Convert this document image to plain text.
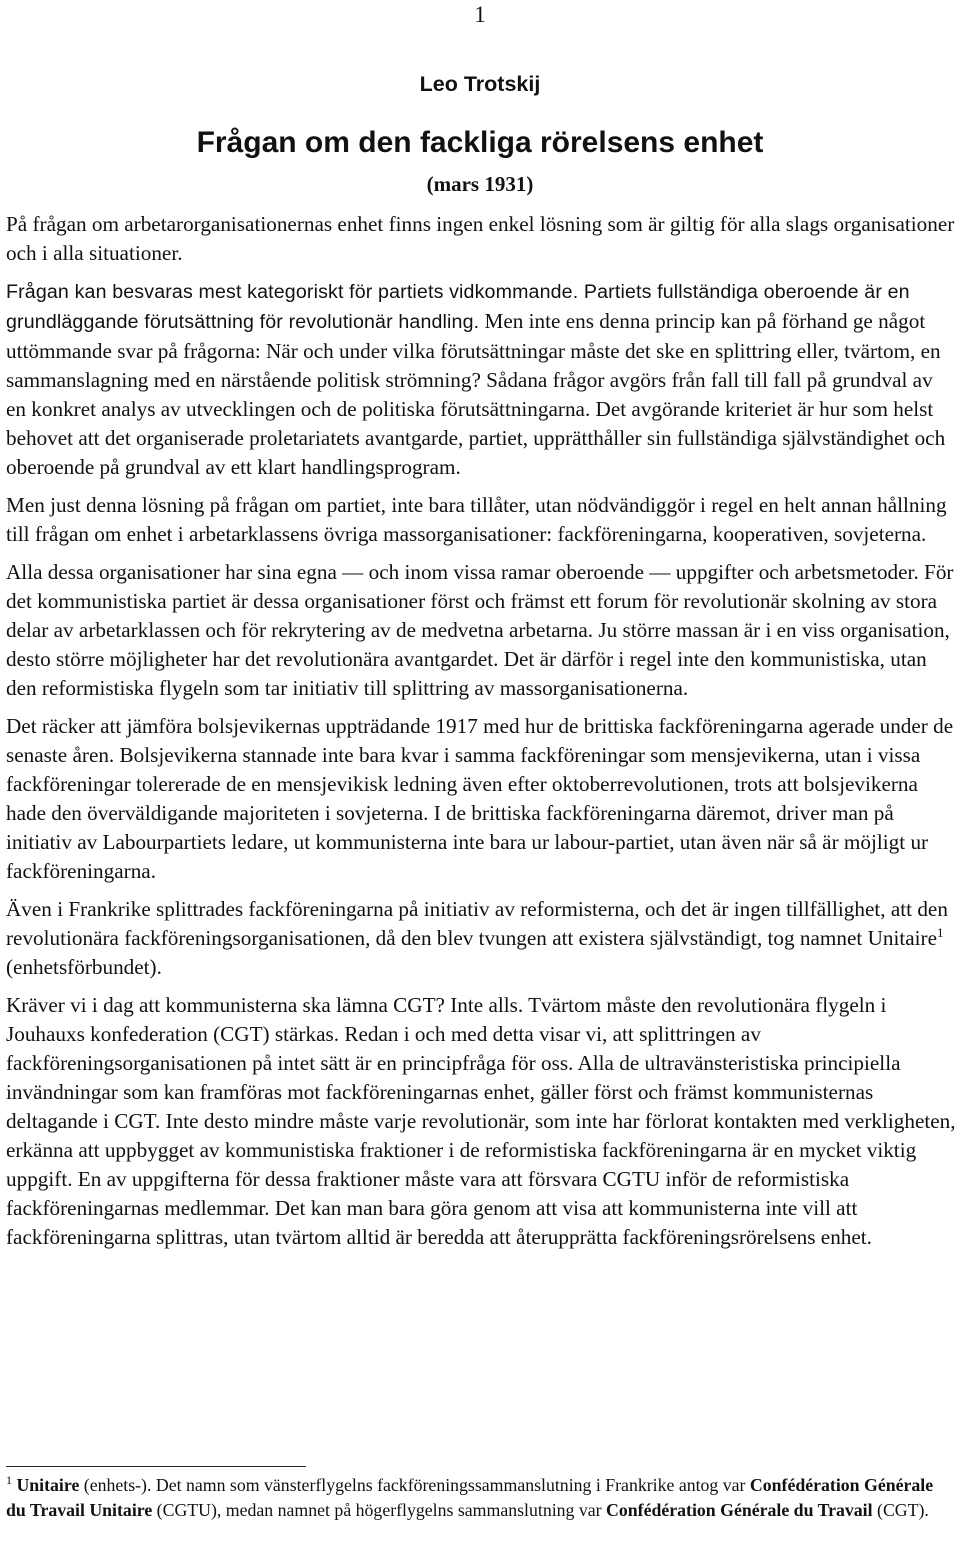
1
Leo Trotskij
Frågan om den fackliga rörelsens enhet
(mars 1931)

På frågan om arbetarorganisationernas enhet finns ingen enkel lösning som är giltig för alla slags organisationer och i alla situationer.

Frågan kan besvaras mest kategoriskt för partiets vidkommande. Partiets fullständiga oberoende är en grundläggande förutsättning för revolutionär handling. Men inte ens denna princip kan på förhand ge något uttömmande svar på frågorna: När och under vilka förutsättningar måste det ske en splittring eller, tvärtom, en sammanslagning med en närstående politisk strömning? Sådana frågor avgörs från fall till fall på grundval av en konkret analys av utvecklingen och de politiska förutsättningarna. Det avgörande kriteriet är hur som helst behovet att det organiserade proletariatets avantgarde, partiet, upprätthåller sin fullständiga självständighet och oberoende på grundval av ett klart handlingsprogram.

Men just denna lösning på frågan om partiet, inte bara tillåter, utan nödvändiggör i regel en helt annan hållning till frågan om enhet i arbetarklassens övriga massorganisationer: fackföreningarna, kooperativen, sovjeterna.

Alla dessa organisationer har sina egna — och inom vissa ramar oberoende — uppgifter och arbetsmetoder. För det kommunistiska partiet är dessa organisationer först och främst ett forum för revolutionär skolning av stora delar av arbetarklassen och för rekrytering av de medvetna arbetarna. Ju större massan är i en viss organisation, desto större möjligheter har det revolutionära avantgardet. Det är därför i regel inte den kommunistiska, utan den reformistiska flygeln som tar initiativ till splittring av massorganisationerna.

Det räcker att jämföra bolsjevikernas uppträdande 1917 med hur de brittiska fackföreningarna agerade under de senaste åren. Bolsjevikerna stannade inte bara kvar i samma fackföreningar som mensjevikerna, utan i vissa fackföreningar tolererade de en mensjevikisk ledning även efter oktoberrevolutionen, trots att bolsjevikerna hade den överväldigande majoriteten i sovjeterna. I de brittiska fackföreningarna däremot, driver man på initiativ av Labourpartiets ledare, ut kommunisterna inte bara ur labour-partiet, utan även när så är möjligt ur fackföreningarna.

Även i Frankrike splittrades fackföreningarna på initiativ av reformisterna, och det är ingen tillfällighet, att den revolutionära fackföreningsorganisationen, då den blev tvungen att existera självständigt, tog namnet Unitaire$^1$ (enhetsförbundet).

Kräver vi i dag att kommunisterna ska lämna CGT? Inte alls. Tvärtom måste den revolutionära flygeln i Jouhauxs konfederation (CGT) stärkas. Redan i och med detta visar vi, att splittringen av fackföreningsorganisationen på intet sätt är en principfråga för oss. Alla de ultravänsteristiska principiella invändningar som kan framföras mot fackföreningarnas enhet, gäller först och främst kommunisternas deltagande i CGT. Inte desto mindre måste varje revolutionär, som inte har förlorat kontakten med verkligheten, erkänna att uppbygget av kommunistiska fraktioner i de reformistiska fackföreningarna är en mycket viktig uppgift. En av uppgifterna för dessa fraktioner måste vara att försvara CGTU inför de reformistiska fackföreningarnas medlemmar. Det kan man bara göra genom att visa att kommunisterna inte vill att fackföreningarna splittras, utan tvärtom alltid är beredda att återupprätta fackföreningsrörelsens enhet.

$^1$ Unitaire (enhets-). Det namn som vänsterflygelns fackföreningssammanslutning i Frankrike antog var Confédération Générale du Travail Unitaire (CGTU), medan namnet på högerflygelns sammanslutning var Confédération Générale du Travail (CGT).
